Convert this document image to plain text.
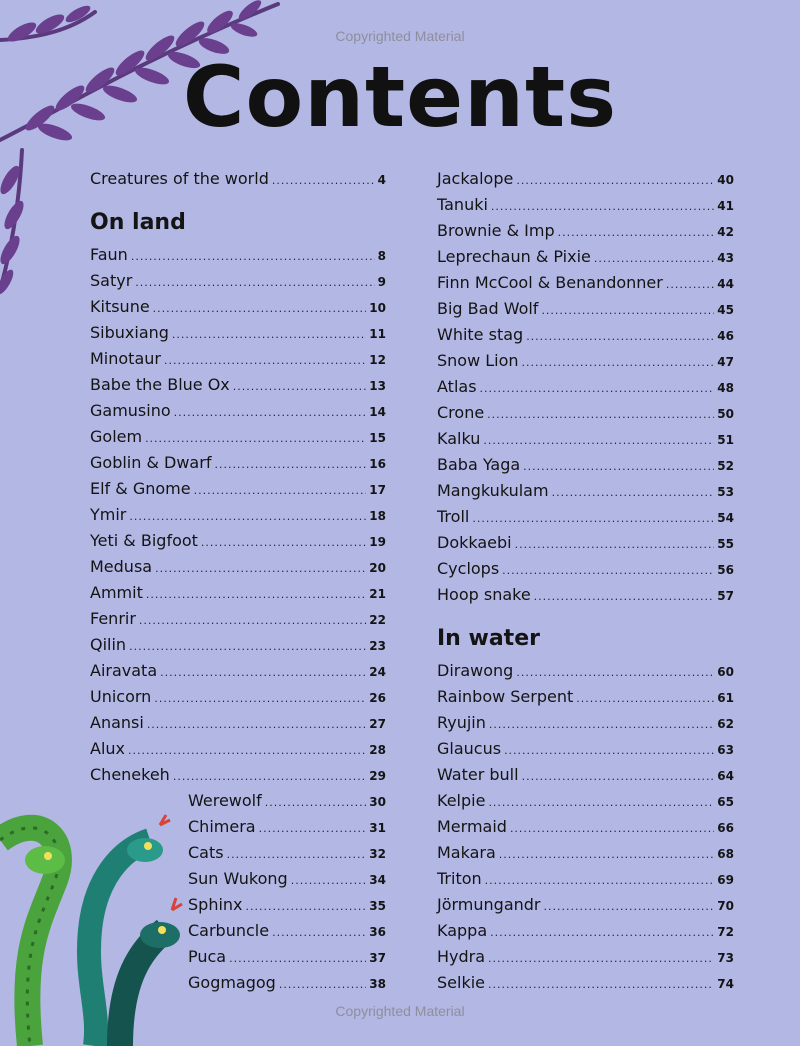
Copyrighted Material
Contents
Creatures of the world .....	4
On land
Faun .....	8
Satyr .....	9
Kitsune .....	10
Sibuxiang .....	11
Minotaur .....	12
Babe the Blue Ox .....	13
Gamusino .....	14
Golem .....	15
Goblin & Dwarf .....	16
Elf & Gnome .....	17
Ymir .....	18
Yeti & Bigfoot .....	19
Medusa .....	20
Ammit .....	21
Fenrir .....	22
Qilin .....	23
Airavata .....	24
Unicorn .....	26
Anansi .....	27
Alux .....	28
Chenekeh .....	29
Werewolf .....	30
Chimera .....	31
Cats .....	32
Sun Wukong .....	34
Sphinx .....	35
Carbuncle .....	36
Puca .....	37
Gogmagog .....	38
Jackalope .....	40
Tanuki .....	41
Brownie & Imp .....	42
Leprechaun & Pixie .....	43
Finn McCool & Benandonner .....	44
Big Bad Wolf .....	45
White stag .....	46
Snow Lion .....	47
Atlas .....	48
Crone .....	50
Kalku .....	51
Baba Yaga .....	52
Mangkukulam .....	53
Troll .....	54
Dokkaebi .....	55
Cyclops .....	56
Hoop snake .....	57
In water
Dirawong .....	60
Rainbow Serpent .....	61
Ryujin .....	62
Glaucus .....	63
Water bull .....	64
Kelpie .....	65
Mermaid .....	66
Makara .....	68
Triton .....	69
Jörmungandr .....	70
Kappa .....	72
Hydra .....	73
Selkie .....	74
Copyrighted Material
